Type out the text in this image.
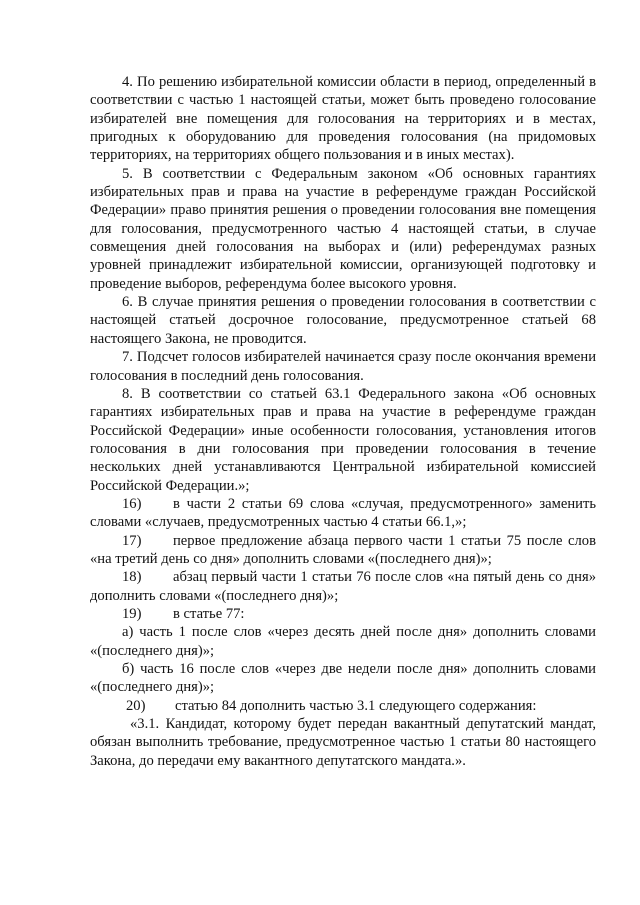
4. По решению избирательной комиссии области в период, определенный в соответствии с частью 1 настоящей статьи, может быть проведено голосование избирателей вне помещения для голосования на территориях и в местах, пригодных к оборудованию для проведения голосования (на придомовых территориях, на территориях общего пользования и в иных местах).

5. В соответствии с Федеральным законом «Об основных гарантиях избирательных прав и права на участие в референдуме граждан Российской Федерации» право принятия решения о проведении голосования вне помещения для голосования, предусмотренного частью 4 настоящей статьи, в случае совмещения дней голосования на выборах и (или) референдумах разных уровней принадлежит избирательной комиссии, организующей подготовку и проведение выборов, референдума более высокого уровня.

6. В случае принятия решения о проведении голосования в соответствии с настоящей статьей досрочное голосование, предусмотренное статьей 68 настоящего Закона, не проводится.

7. Подсчет голосов избирателей начинается сразу после окончания времени голосования в последний день голосования.

8. В соответствии со статьей 63.1 Федерального закона «Об основных гарантиях избирательных прав и права на участие в референдуме граждан Российской Федерации» иные особенности голосования, установления итогов голосования в дни голосования при проведении голосования в течение нескольких дней устанавливаются Центральной избирательной комиссией Российской Федерации.»;

16) в части 2 статьи 69 слова «случая, предусмотренного» заменить словами «случаев, предусмотренных частью 4 статьи 66.1,»;

17) первое предложение абзаца первого части 1 статьи 75 после слов «на третий день со дня» дополнить словами «(последнего дня)»;

18) абзац первый части 1 статьи 76 после слов «на пятый день со дня» дополнить словами «(последнего дня)»;

19) в статье 77:

а) часть 1 после слов «через десять дней после дня» дополнить словами «(последнего дня)»;

б) часть 16 после слов «через две недели после дня» дополнить словами «(последнего дня)»;

20) статью 84 дополнить частью 3.1 следующего содержания:

«3.1. Кандидат, которому будет передан вакантный депутатский мандат, обязан выполнить требование, предусмотренное частью 1 статьи 80 настоящего Закона, до передачи ему вакантного депутатского мандата.».
